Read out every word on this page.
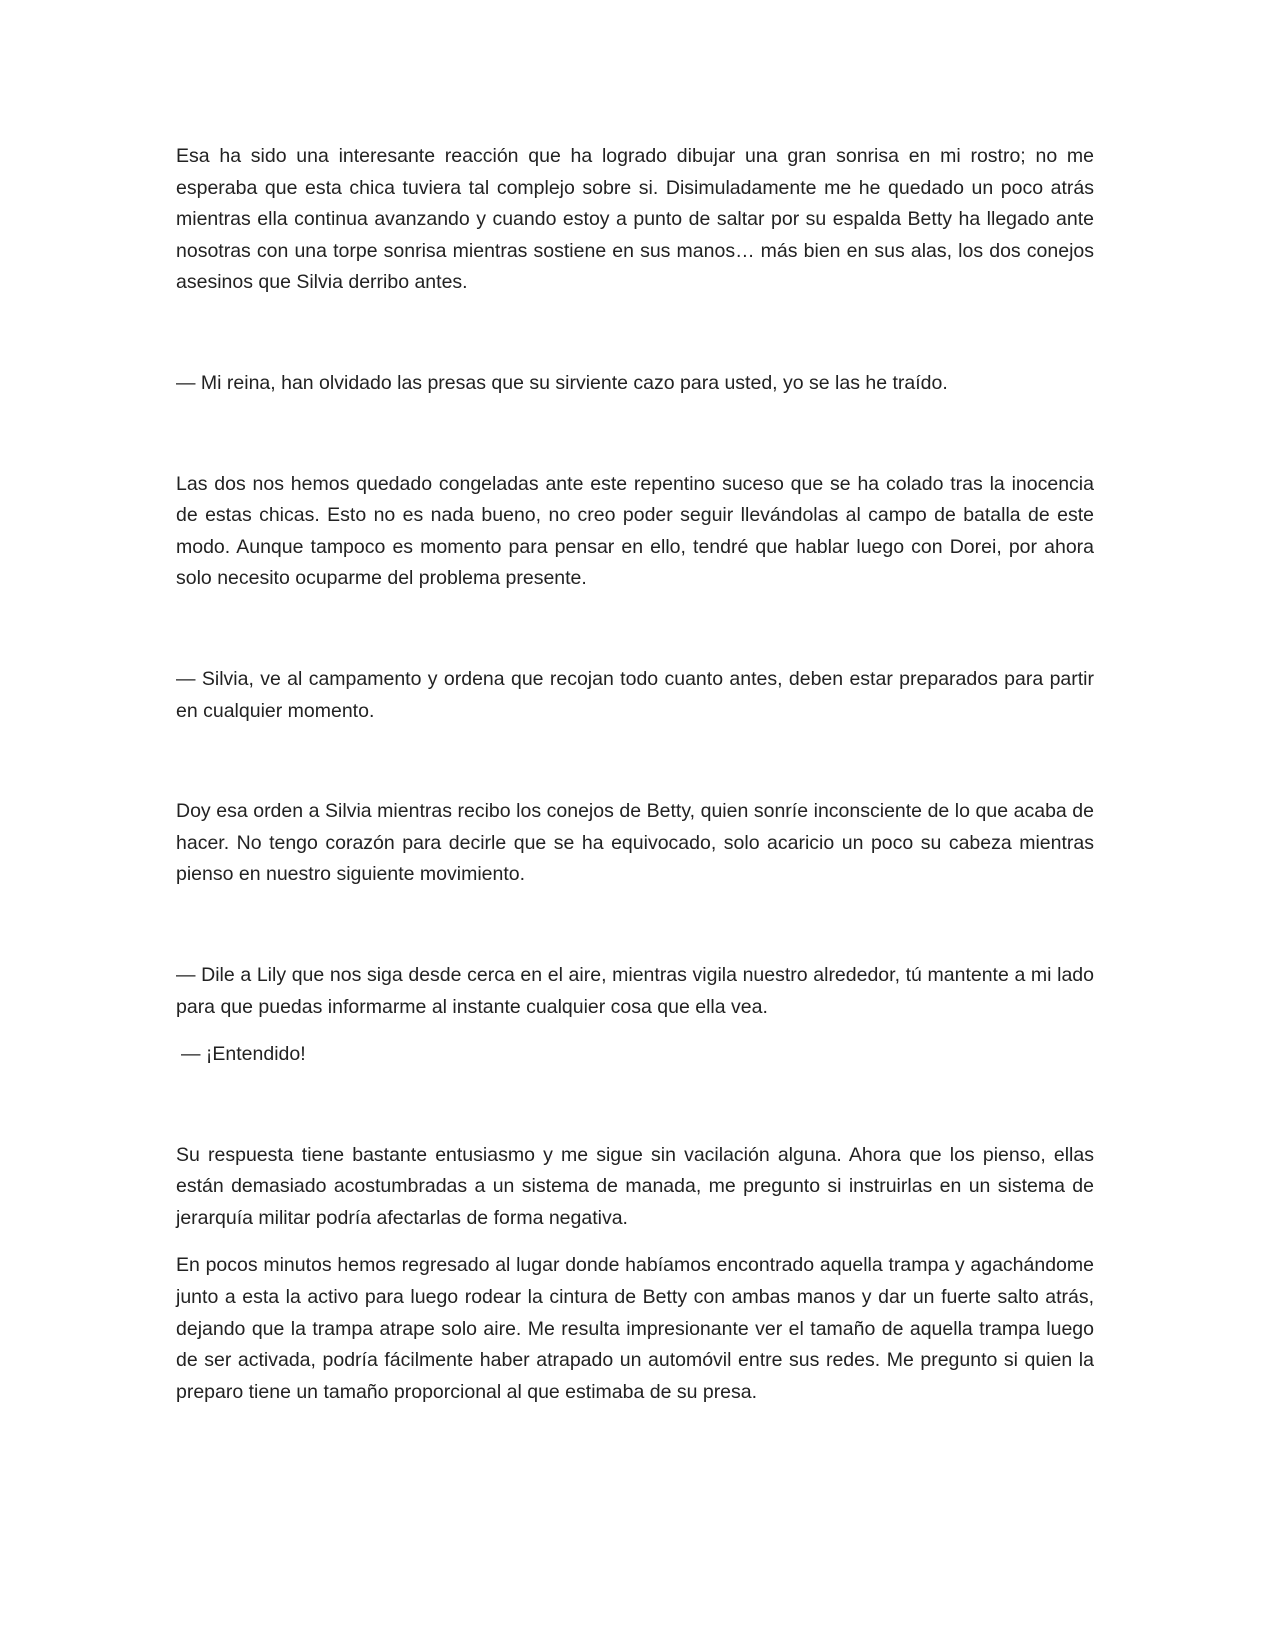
Esa ha sido una interesante reacción que ha logrado dibujar una gran sonrisa en mi rostro; no me esperaba que esta chica tuviera tal complejo sobre si. Disimuladamente me he quedado un poco atrás mientras ella continua avanzando y cuando estoy a punto de saltar por su espalda Betty ha llegado ante nosotras con una torpe sonrisa mientras sostiene en sus manos… más bien en sus alas, los dos conejos asesinos que Silvia derribo antes.

— Mi reina, han olvidado las presas que su sirviente cazo para usted, yo se las he traído.

Las dos nos hemos quedado congeladas ante este repentino suceso que se ha colado tras la inocencia de estas chicas. Esto no es nada bueno, no creo poder seguir llevándolas al campo de batalla de este modo. Aunque tampoco es momento para pensar en ello, tendré que hablar luego con Dorei, por ahora solo necesito ocuparme del problema presente.

— Silvia, ve al campamento y ordena que recojan todo cuanto antes, deben estar preparados para partir en cualquier momento.

Doy esa orden a Silvia mientras recibo los conejos de Betty, quien sonríe inconsciente de lo que acaba de hacer. No tengo corazón para decirle que se ha equivocado, solo acaricio un poco su cabeza mientras pienso en nuestro siguiente movimiento.

— Dile a Lily que nos siga desde cerca en el aire, mientras vigila nuestro alrededor, tú mantente a mi lado para que puedas informarme al instante cualquier cosa que ella vea.

— ¡Entendido!

Su respuesta tiene bastante entusiasmo y me sigue sin vacilación alguna. Ahora que los pienso, ellas están demasiado acostumbradas a un sistema de manada, me pregunto si instruirlas en un sistema de jerarquía militar podría afectarlas de forma negativa.

En pocos minutos hemos regresado al lugar donde habíamos encontrado aquella trampa y agachándome junto a esta la activo para luego rodear la cintura de Betty con ambas manos y dar un fuerte salto atrás, dejando que la trampa atrape solo aire. Me resulta impresionante ver el tamaño de aquella trampa luego de ser activada, podría fácilmente haber atrapado un automóvil entre sus redes. Me pregunto si quien la preparo tiene un tamaño proporcional al que estimaba de su presa.
